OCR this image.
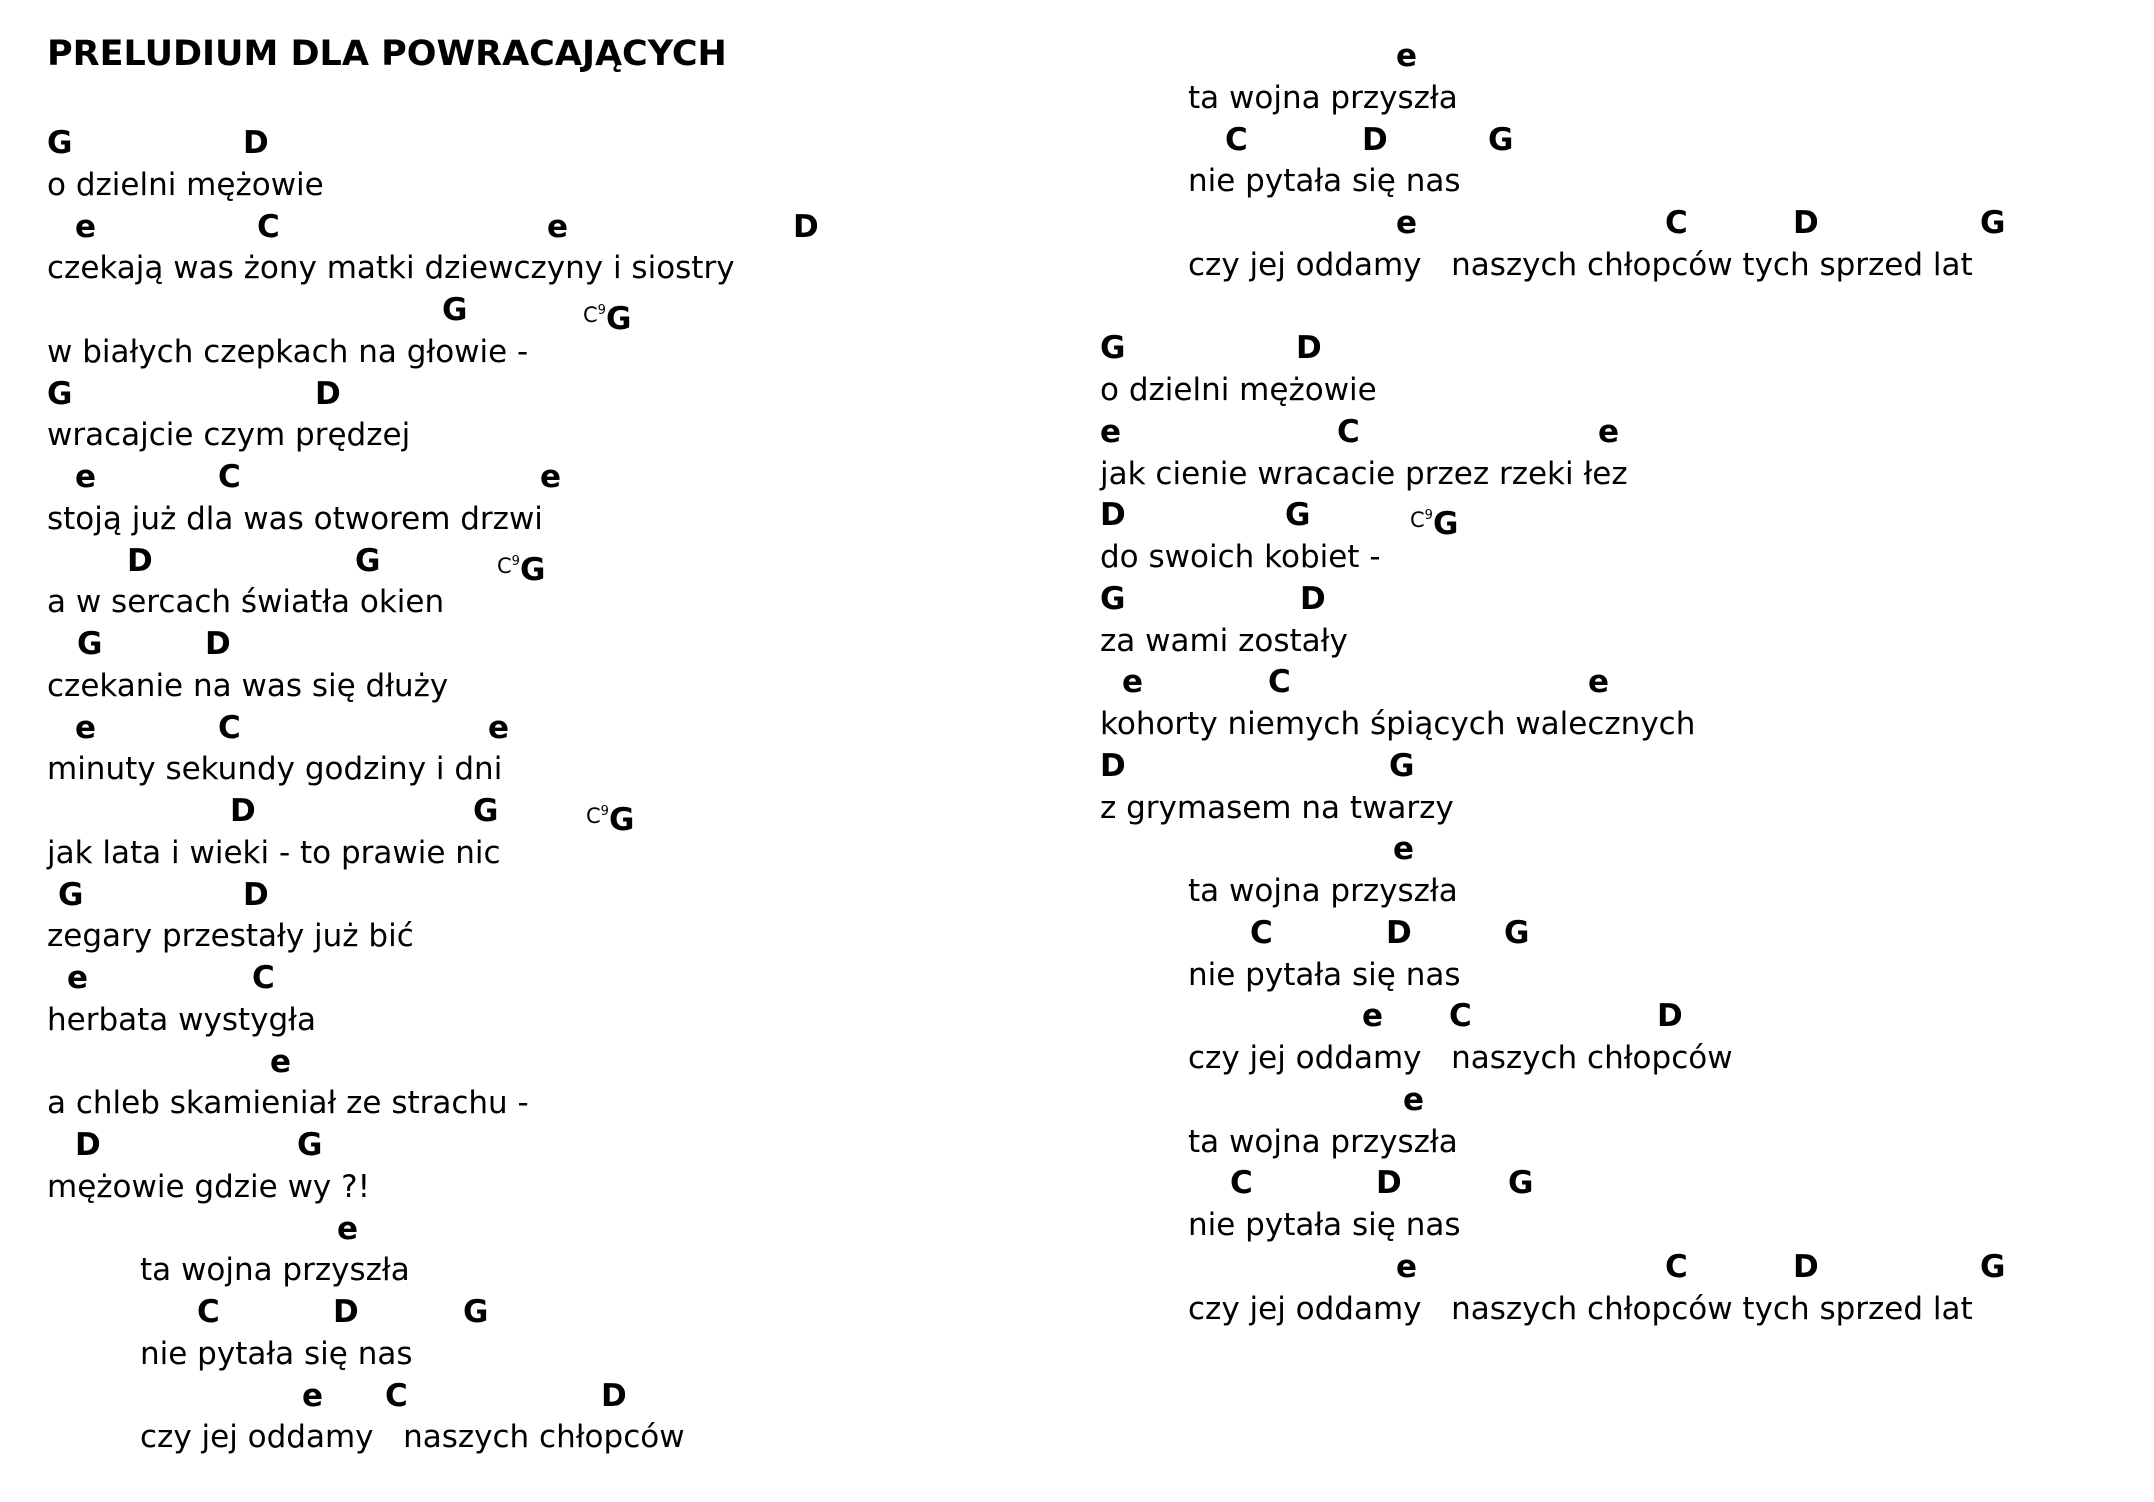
PRELUDIUM DLA POWRACAJĄCYCH
G	D
o dzielni mężowie
e	C	e	D
czekają was żony matki dziewczyny i siostry
G	$^{C9}$G
w białych czepkach na głowie -
G	D
wracajcie czym prędzej
e	C	e
stoją już dla was otworem drzwi
D	G	$^{C9}$G
a w sercach światła okien
G	D
czekanie na was się dłuży
e	C	e
minuty sekundy godziny i dni
D	G	$^{C9}$G
jak lata i wieki - to prawie nic
G	D
zegary przestały już bić
e	C
herbata wystygła
e
a chleb skamieniał ze strachu -
D	G
mężowie gdzie wy ?!
e
ta wojna przyszła
C	D	G
nie pytała się nas
e C	D
czy jej oddamy   naszych chłopców
e
ta wojna przyszła
C	D	G
nie pytała się nas
e	C	D	G
czy jej oddamy   naszych chłopców tych sprzed lat
G	D
o dzielni mężowie
e	C	e
jak cienie wracacie przez rzeki łez
D	G	$^{C9}$G
do swoich kobiet -
G	D
za wami zostały
e	C	e
kohorty niemych śpiących walecznych
D	G
z grymasem na twarzy
e
ta wojna przyszła
C	D	G
nie pytała się nas
e C	D
czy jej oddamy   naszych chłopców
e
ta wojna przyszła
C	D	G
nie pytała się nas
e	C	D	G
czy jej oddamy   naszych chłopców tych sprzed lat
